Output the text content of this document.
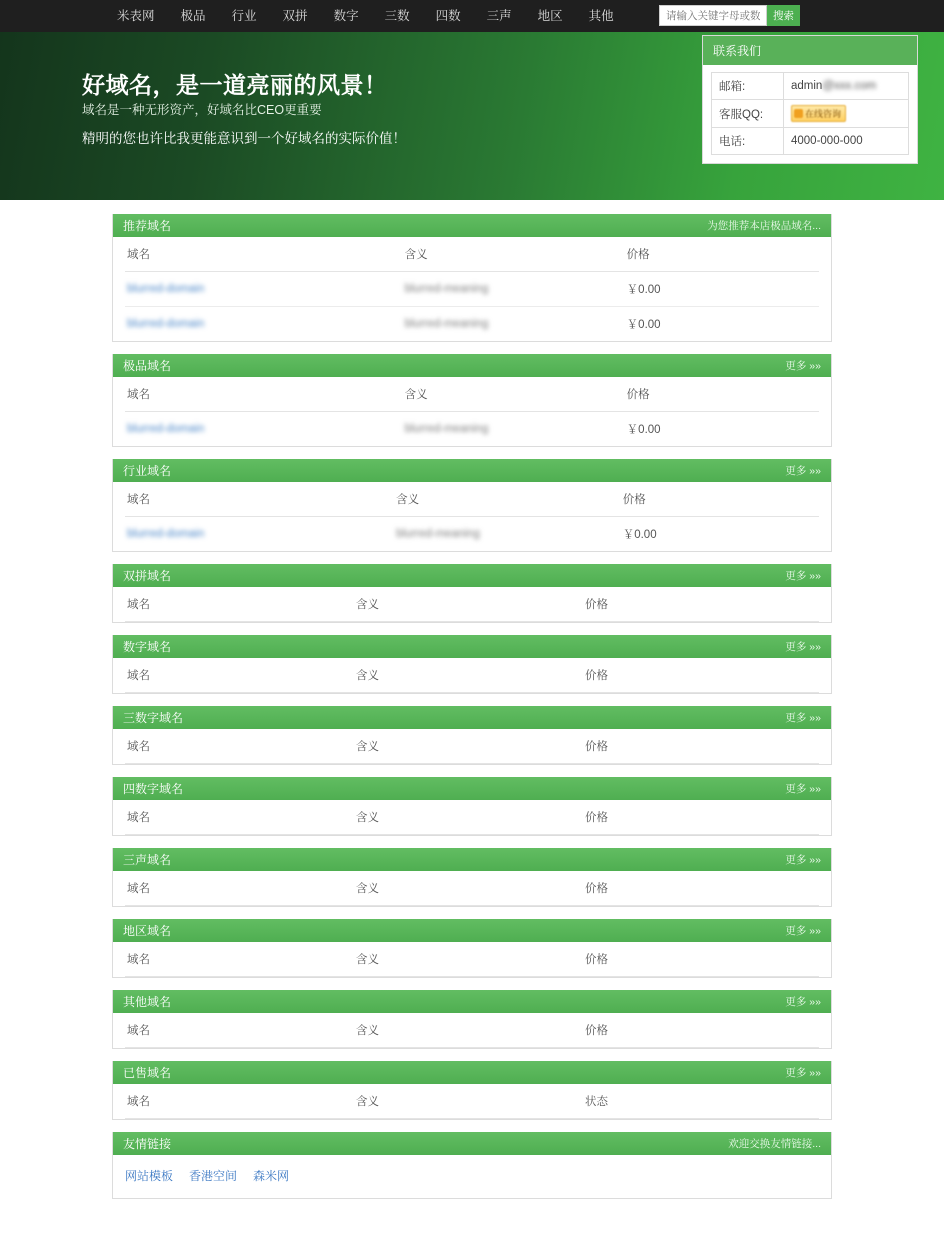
米表网	极品	行业	双拼	数字	三数	四数	三声	地区	其他
请输入关键字母或数字	搜索
好域名，是一道亮丽的风景！
域名是一种无形资产，好域名比CEO更重要
精明的您也许比我更能意识到一个好域名的实际价值！
联系我们
邮箱:	admin@xxx.com
客服QQ:	在线咨询

电话:	4000-000-000
推荐域名	为您推荐本店极品域名...
域名	含义	价格
blurred-domain	blurred-meaning	￥0.00
blurred-domain	blurred-meaning	￥0.00
极品域名	更多 »»
域名	含义	价格
blurred-domain	blurred-meaning	￥0.00
行业域名	更多 »»
域名	含义	价格
blurred-domain	blurred-meaning	￥0.00
双拼域名	更多 »»
域名	含义	价格
数字域名	更多 »»
域名	含义	价格
三数字域名	更多 »»
域名	含义	价格
四数字域名	更多 »»
域名	含义	价格
三声域名	更多 »»
域名	含义	价格
地区域名	更多 »»
域名	含义	价格
其他域名	更多 »»
域名	含义	价格
已售域名	更多 »»
域名	含义	状态
友情链接	欢迎交换友情链接...
网站模板 香港空间 森米网
